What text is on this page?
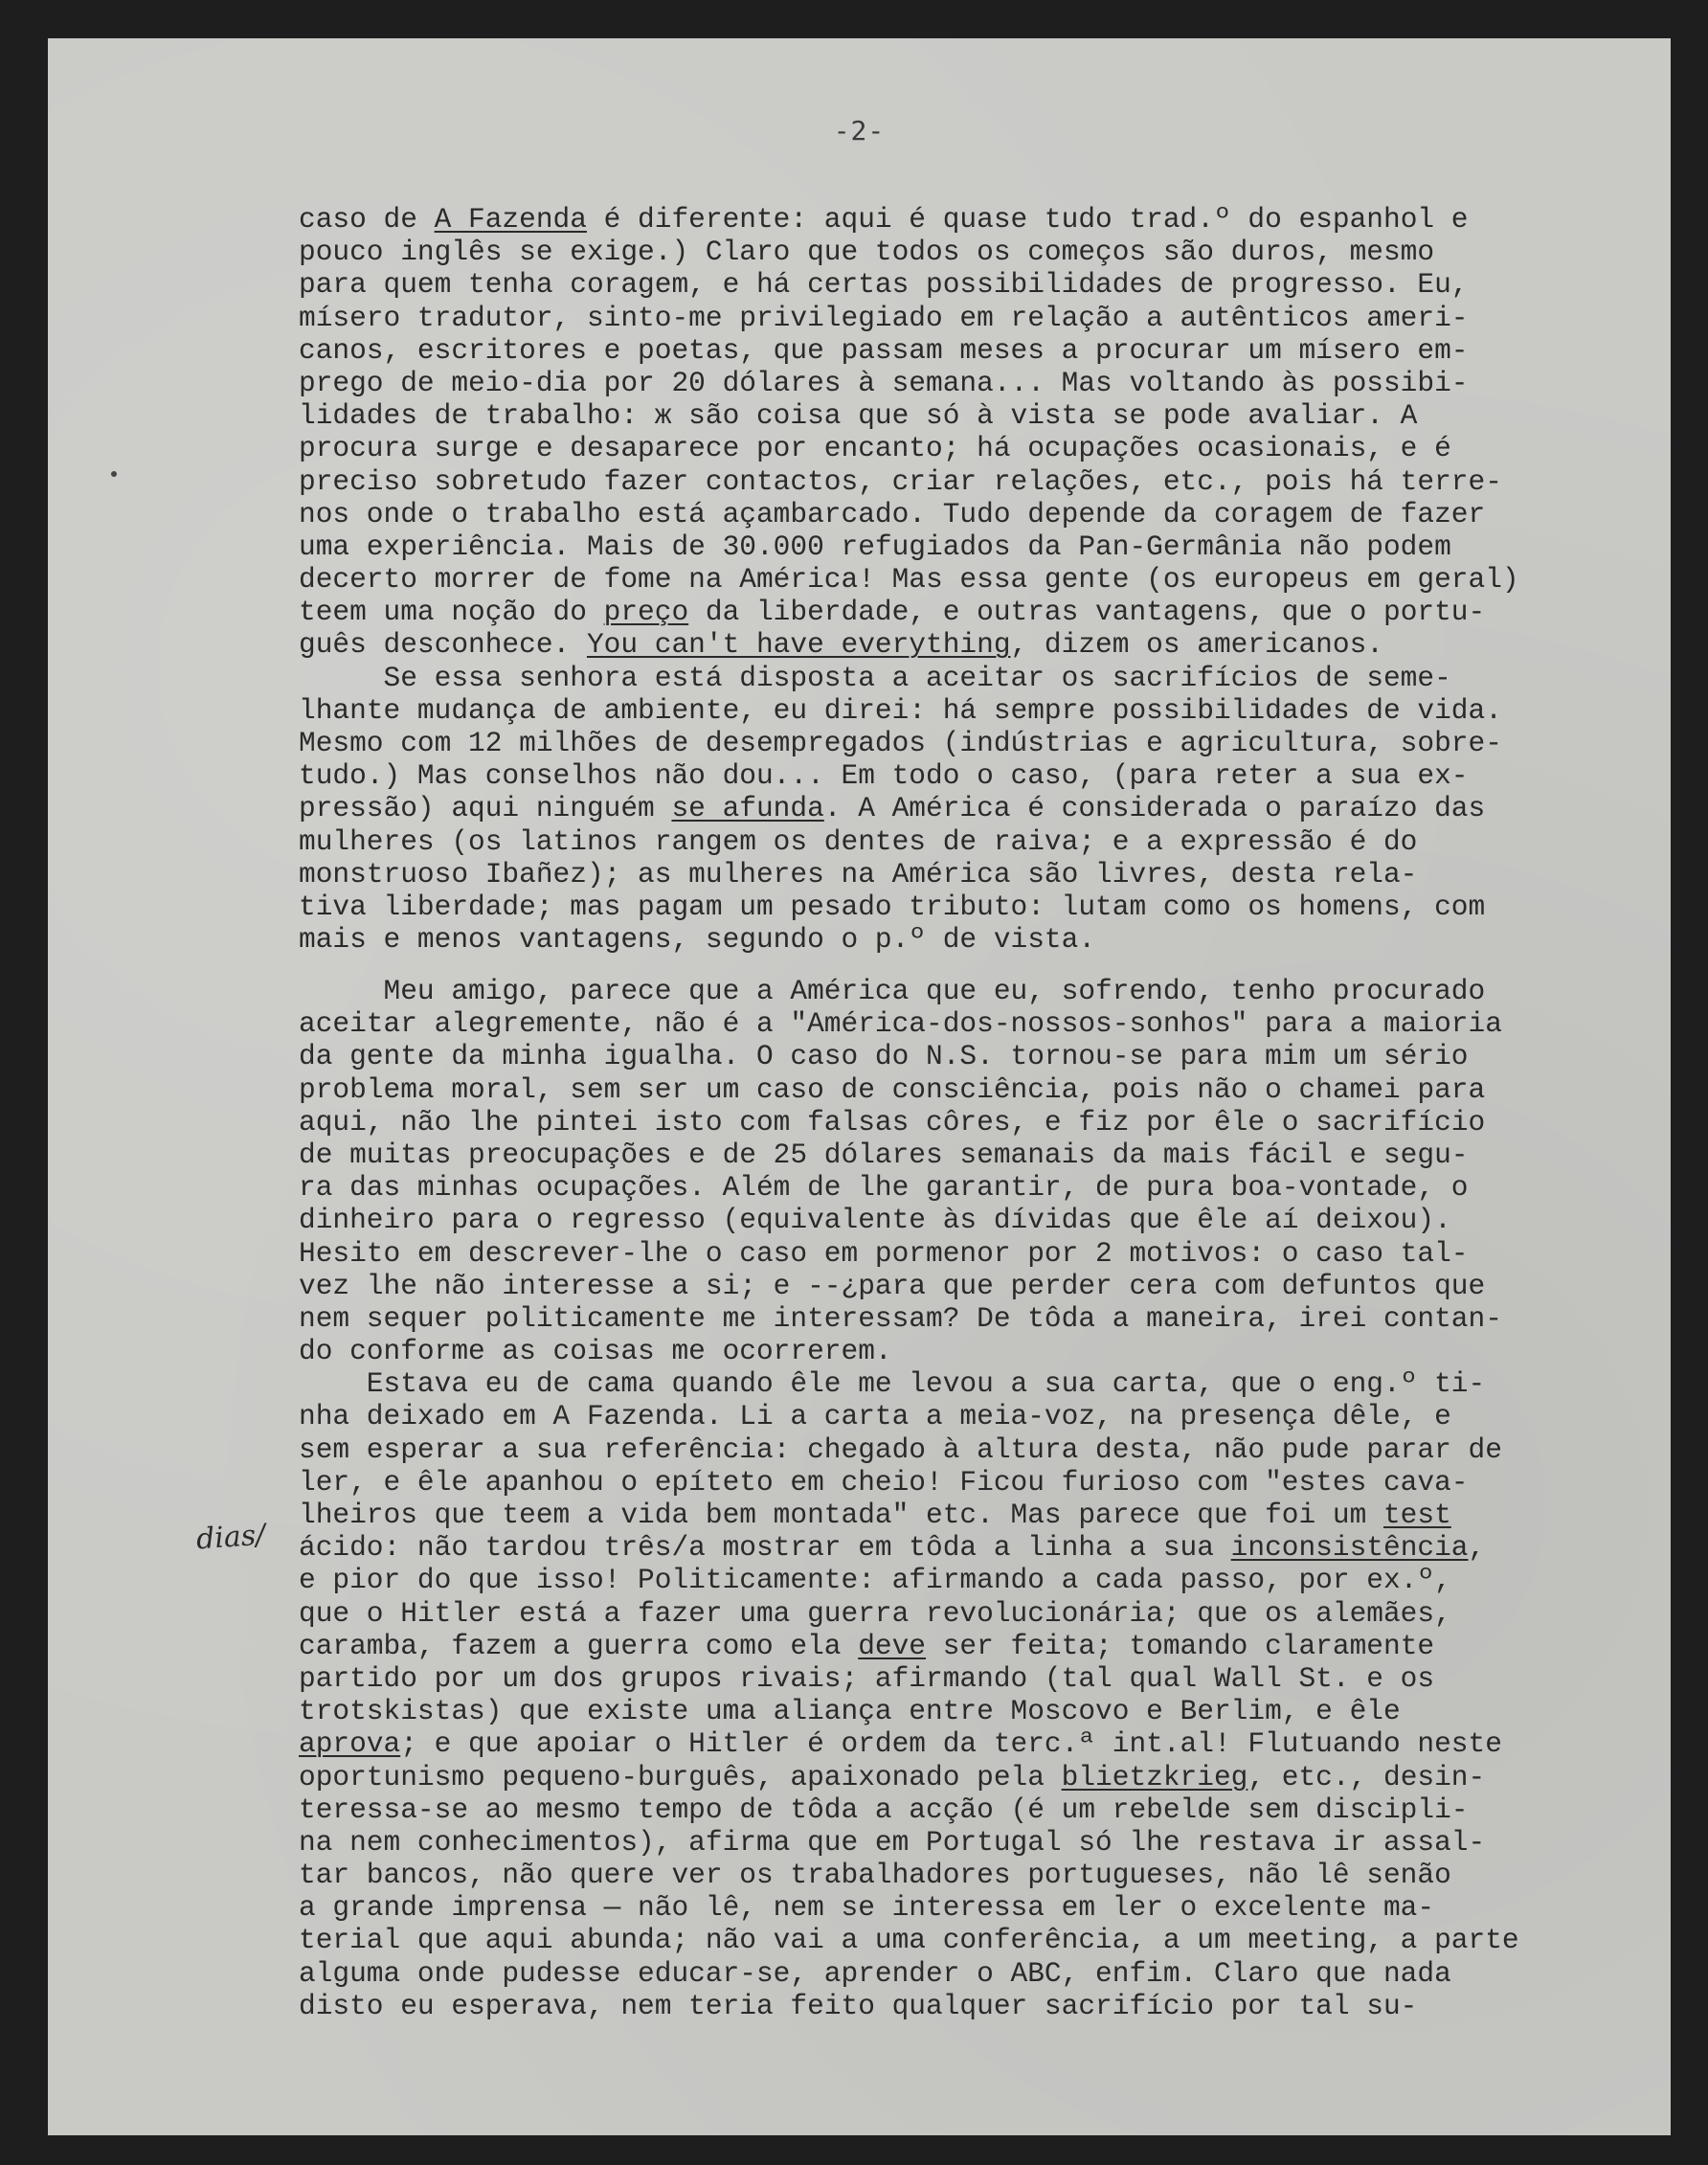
-2-
caso de A Fazenda é diferente: aqui é quase tudo trad.º do espanhol e
pouco inglês se exige.) Claro que todos os começos são duros, mesmo
para quem tenha coragem, e há certas possibilidades de progresso. Eu,
mísero tradutor, sinto-me privilegiado em relação a autênticos ameri-
canos, escritores e poetas, que passam meses a procurar um mísero em-
prego de meio-dia por 20 dólares à semana... Mas voltando às possibi-
lidades de trabalho: ж são coisa que só à vista se pode avaliar. A
procura surge e desaparece por encanto; há ocupações ocasionais, e é
preciso sobretudo fazer contactos, criar relações, etc., pois há terre-
nos onde o trabalho está açambarcado. Tudo depende da coragem de fazer
uma experiência. Mais de 30.000 refugiados da Pan-Germânia não podem
decerto morrer de fome na América! Mas essa gente (os europeus em geral)
teem uma noção do preço da liberdade, e outras vantagens, que o portu-
guês desconhece. You can't have everything, dizem os americanos.
Se essa senhora está disposta a aceitar os sacrifícios de seme-
lhante mudança de ambiente, eu direi: há sempre possibilidades de vida.
Mesmo com 12 milhões de desempregados (indústrias e agricultura, sobre-
tudo.) Mas conselhos não dou... Em todo o caso, (para reter a sua ex-
pressão) aqui ninguém se afunda. A América é considerada o paraízo das
mulheres (os latinos rangem os dentes de raiva; e a expressão é do
monstruoso Ibañez); as mulheres na América são livres, desta rela-
tiva liberdade; mas pagam um pesado tributo: lutam como os homens, com
mais e menos vantagens, segundo o p.º de vista.
Meu amigo, parece que a América que eu, sofrendo, tenho procurado
aceitar alegremente, não é a "América-dos-nossos-sonhos" para a maioria
da gente da minha igualha. O caso do N.S. tornou-se para mim um sério
problema moral, sem ser um caso de consciência, pois não o chamei para
aqui, não lhe pintei isto com falsas côres, e fiz por êle o sacrifício
de muitas preocupações e de 25 dólares semanais da mais fácil e segu-
ra das minhas ocupações. Além de lhe garantir, de pura boa-vontade, o
dinheiro para o regresso (equivalente às dívidas que êle aí deixou).
Hesito em descrever-lhe o caso em pormenor por 2 motivos: o caso tal-
vez lhe não interesse a si; e --¿para que perder cera com defuntos que
nem sequer politicamente me interessam? De tôda a maneira, irei contan-
do conforme as coisas me ocorrerem.
Estava eu de cama quando êle me levou a sua carta, que o eng.º ti-
nha deixado em A Fazenda. Li a carta a meia-voz, na presença dêle, e
sem esperar a sua referência: chegado à altura desta, não pude parar de
ler, e êle apanhou o epíteto em cheio! Ficou furioso com "estes cava-
lheiros que teem a vida bem montada" etc. Mas parece que foi um test
ácido: não tardou três/a mostrar em tôda a linha a sua inconsistência,
e pior do que isso! Politicamente: afirmando a cada passo, por ex.º,
que o Hitler está a fazer uma guerra revolucionária; que os alemães,
caramba, fazem a guerra como ela deve ser feita; tomando claramente
partido por um dos grupos rivais; afirmando (tal qual Wall St. e os
trotskistas) que existe uma aliança entre Moscovo e Berlim, e êle
aprova; e que apoiar o Hitler é ordem da terc.ª int.al! Flutuando neste
oportunismo pequeno-burguês, apaixonado pela blietzkrieg, etc., desin-
teressa-se ao mesmo tempo de tôda a acção (é um rebelde sem discipli-
na nem conhecimentos), afirma que em Portugal só lhe restava ir assal-
tar bancos, não quere ver os trabalhadores portugueses, não lê senão
a grande imprensa — não lê, nem se interessa em ler o excelente ma-
terial que aqui abunda; não vai a uma conferência, a um meeting, a parte
alguma onde pudesse educar-se, aprender o ABC, enfim. Claro que nada
disto eu esperava, nem teria feito qualquer sacrifício por tal su-
dias/
